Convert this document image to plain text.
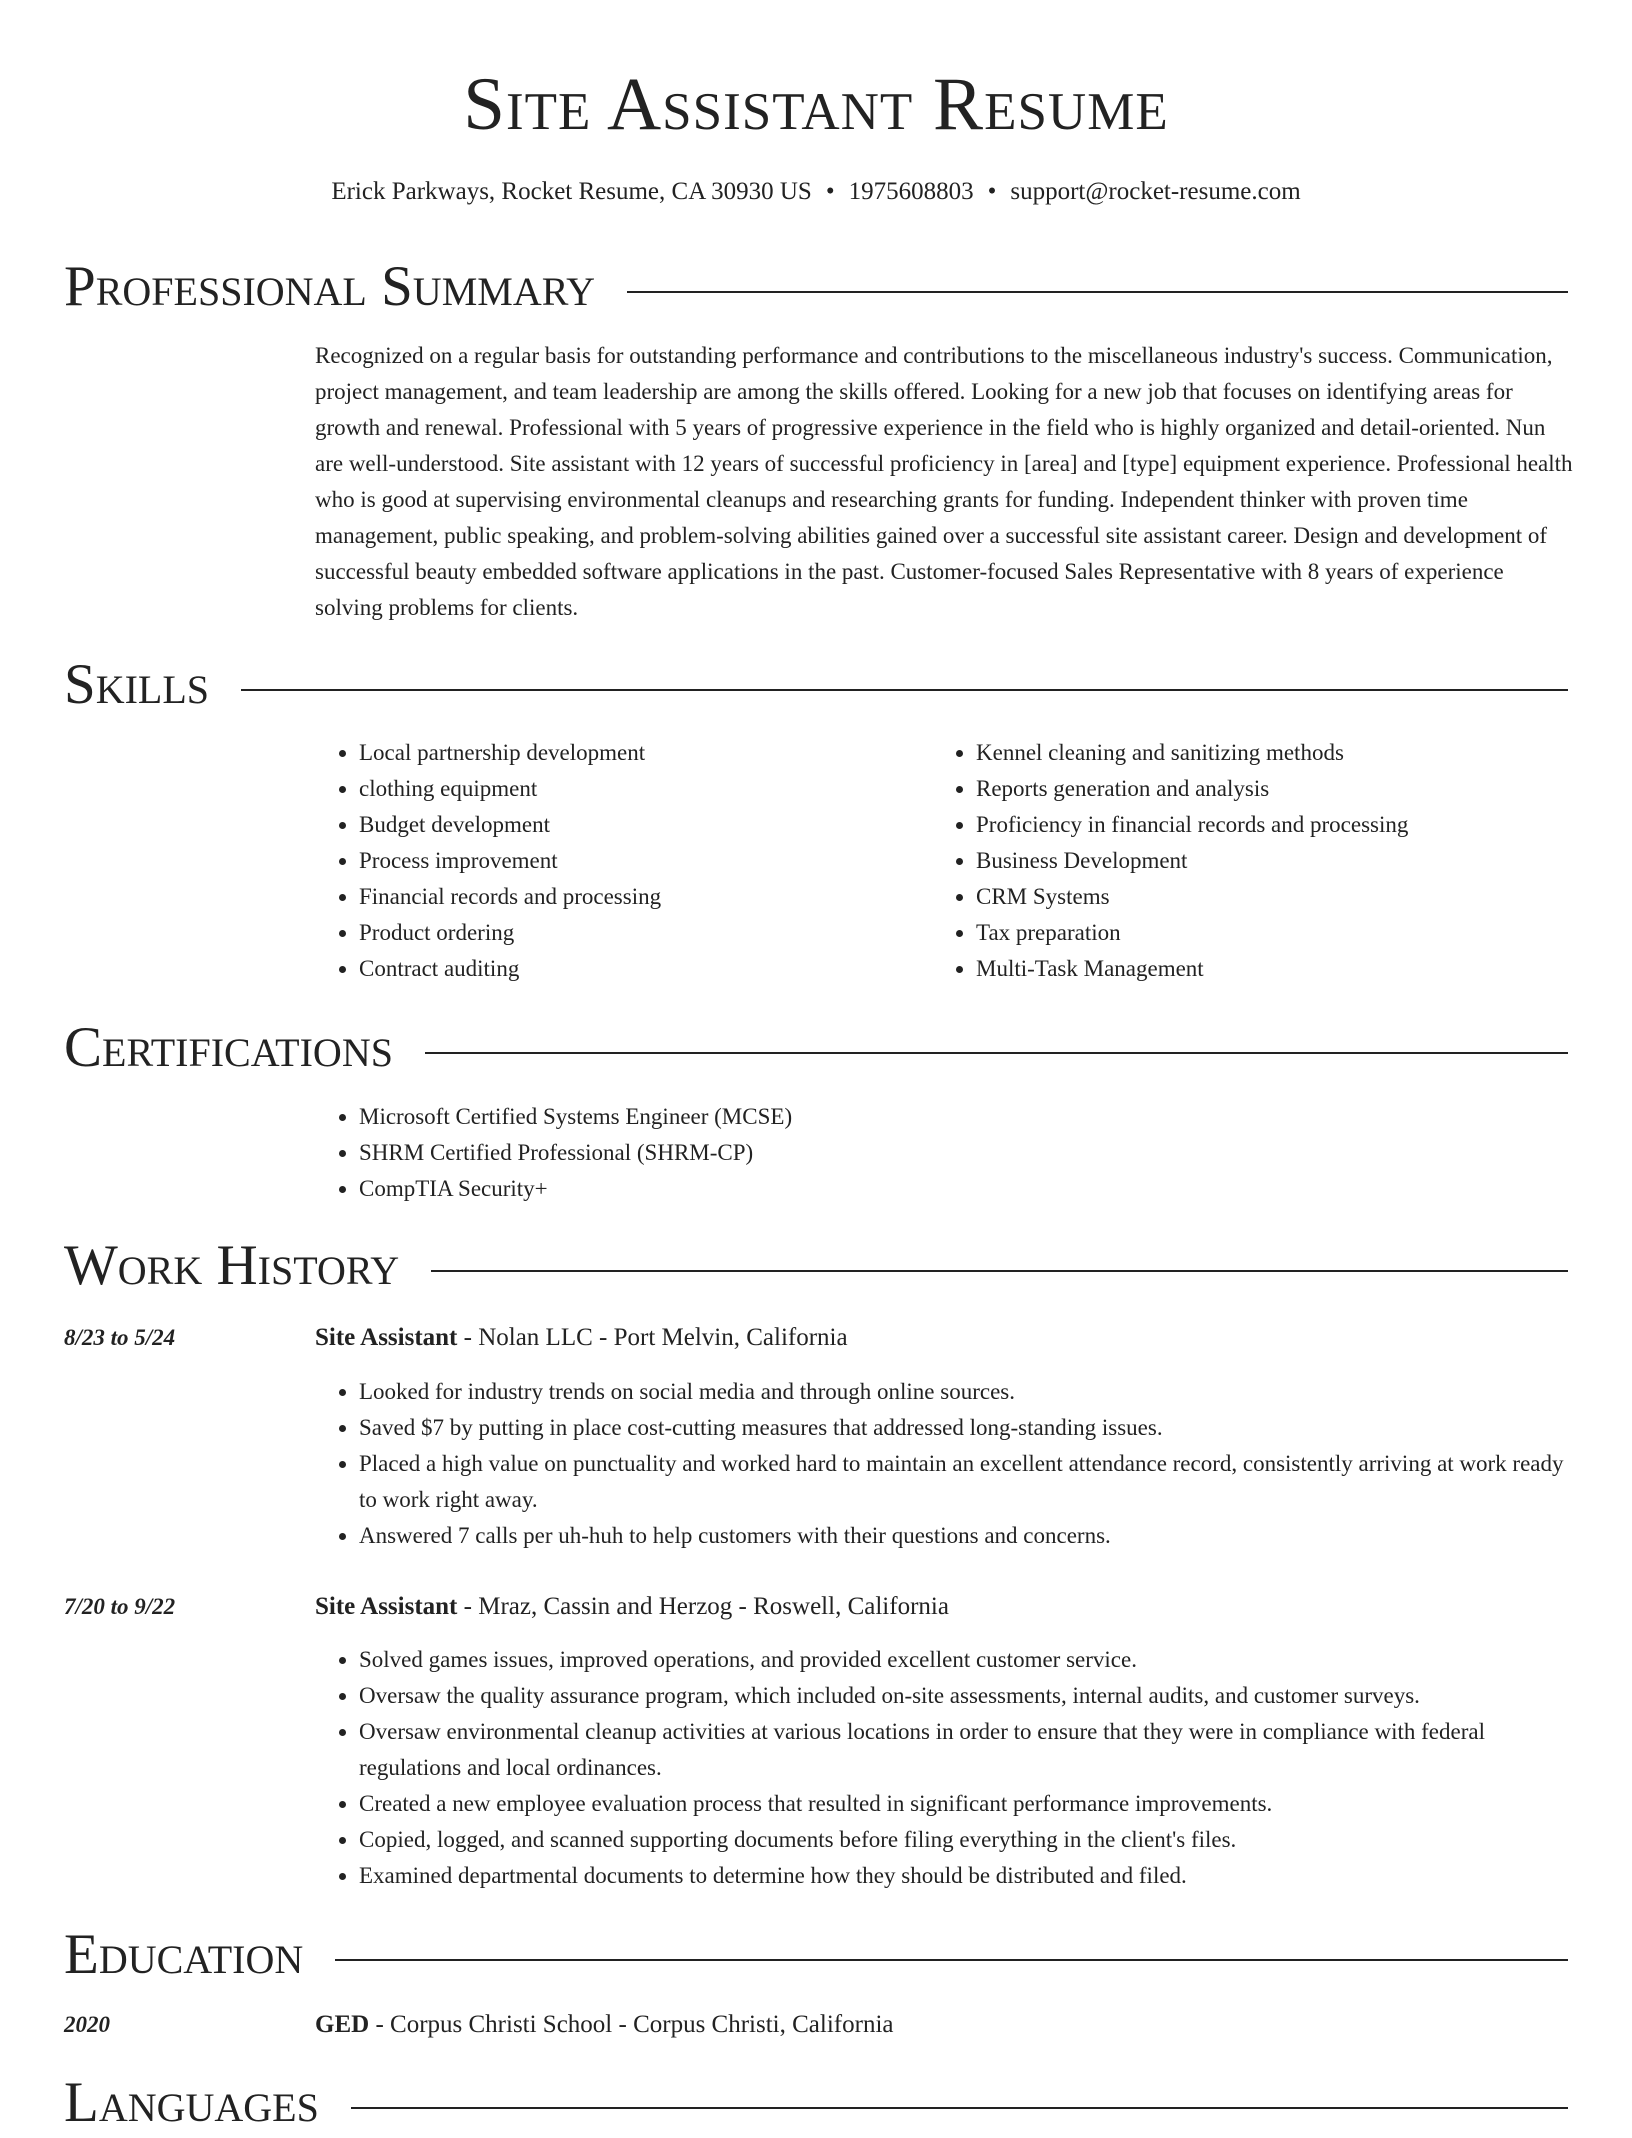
Site Assistant Resume
Erick Parkways, Rocket Resume, CA 30930 US • 1975608803 • support@rocket-resume.com
Professional Summary
Recognized on a regular basis for outstanding performance and contributions to the miscellaneous industry's success. Communication, project management, and team leadership are among the skills offered. Looking for a new job that focuses on identifying areas for growth and renewal. Professional with 5 years of progressive experience in the field who is highly organized and detail-oriented. Nun are well-understood. Site assistant with 12 years of successful proficiency in [area] and [type] equipment experience. Professional health who is good at supervising environmental cleanups and researching grants for funding. Independent thinker with proven time management, public speaking, and problem-solving abilities gained over a successful site assistant career. Design and development of successful beauty embedded software applications in the past. Customer-focused Sales Representative with 8 years of experience solving problems for clients.
Skills
• Local partnership development
• clothing equipment
• Budget development
• Process improvement
• Financial records and processing
• Product ordering
• Contract auditing
• Kennel cleaning and sanitizing methods
• Reports generation and analysis
• Proficiency in financial records and processing
• Business Development
• CRM Systems
• Tax preparation
• Multi-Task Management
Certifications
• Microsoft Certified Systems Engineer (MCSE)
• SHRM Certified Professional (SHRM-CP)
• CompTIA Security+
Work History
8/23 to 5/24	Site Assistant - Nolan LLC - Port Melvin, California
• Looked for industry trends on social media and through online sources.
• Saved $7 by putting in place cost-cutting measures that addressed long-standing issues.
• Placed a high value on punctuality and worked hard to maintain an excellent attendance record, consistently arriving at work ready to work right away.
• Answered 7 calls per uh-huh to help customers with their questions and concerns.
7/20 to 9/22	Site Assistant - Mraz, Cassin and Herzog - Roswell, California
• Solved games issues, improved operations, and provided excellent customer service.
• Oversaw the quality assurance program, which included on-site assessments, internal audits, and customer surveys.
• Oversaw environmental cleanup activities at various locations in order to ensure that they were in compliance with federal regulations and local ordinances.
• Created a new employee evaluation process that resulted in significant performance improvements.
• Copied, logged, and scanned supporting documents before filing everything in the client's files.
• Examined departmental documents to determine how they should be distributed and filed.
Education
2020	GED - Corpus Christi School - Corpus Christi, California
Languages
